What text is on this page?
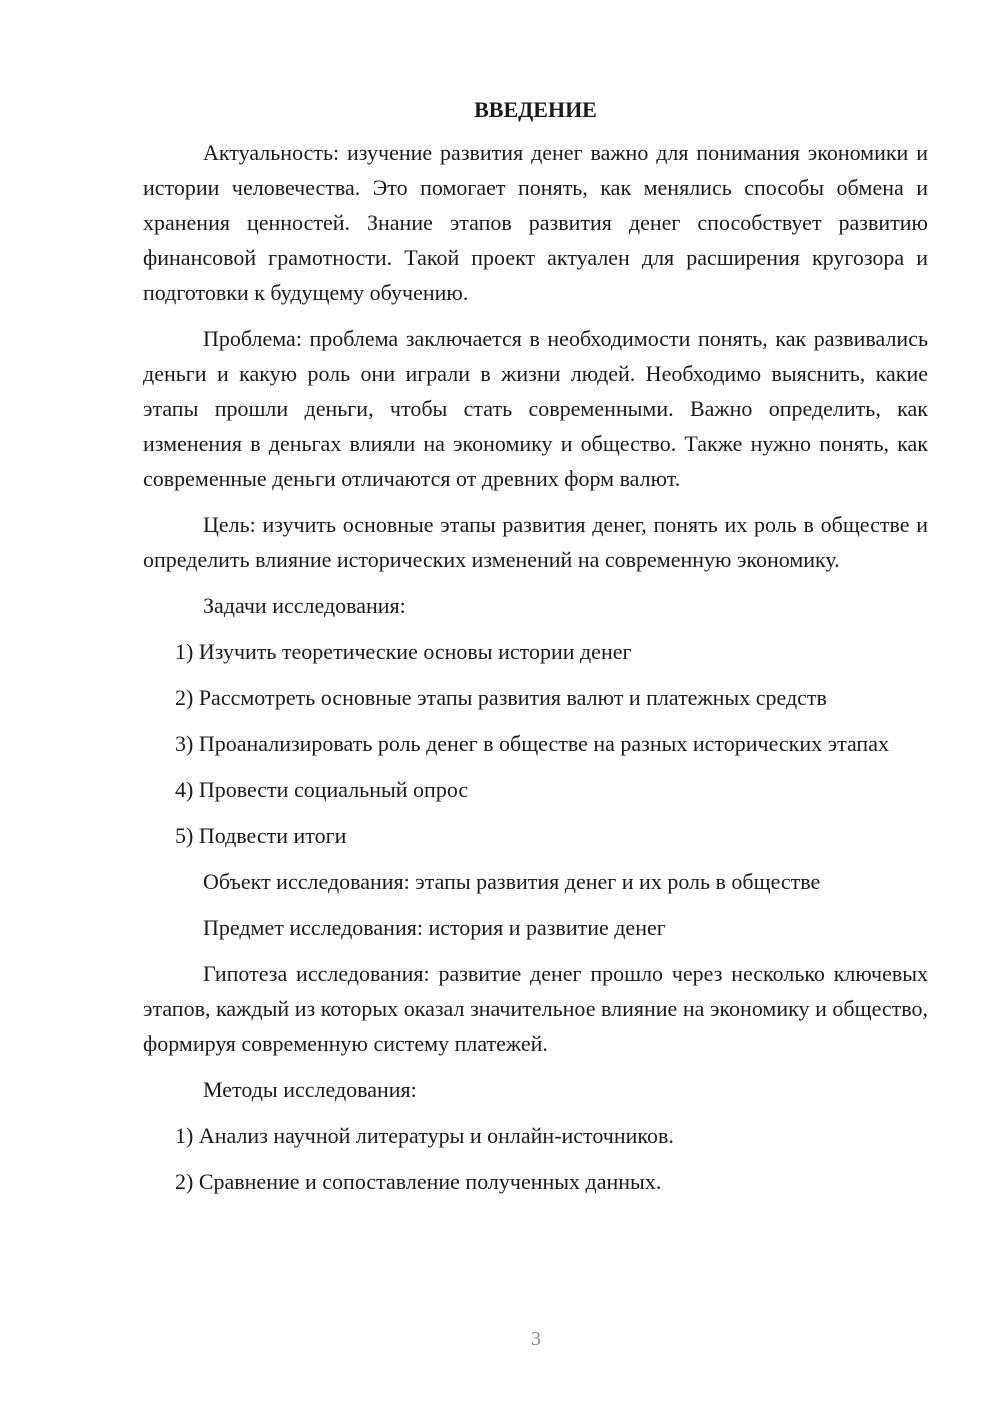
ВВЕДЕНИЕ

Актуальность: изучение развития денег важно для понимания экономики и истории человечества. Это помогает понять, как менялись способы обмена и хранения ценностей. Знание этапов развития денег способствует развитию финансовой грамотности. Такой проект актуален для расширения кругозора и подготовки к будущему обучению.

Проблема: проблема заключается в необходимости понять, как развивались деньги и какую роль они играли в жизни людей. Необходимо выяснить, какие этапы прошли деньги, чтобы стать современными. Важно определить, как изменения в деньгах влияли на экономику и общество. Также нужно понять, как современные деньги отличаются от древних форм валют.

Цель: изучить основные этапы развития денег, понять их роль в обществе и определить влияние исторических изменений на современную экономику.

Задачи исследования:

1) Изучить теоретические основы истории денег

2) Рассмотреть основные этапы развития валют и платежных средств

3) Проанализировать роль денег в обществе на разных исторических этапах

4) Провести социальный опрос

5) Подвести итоги

Объект исследования: этапы развития денег и их роль в обществе

Предмет исследования: история и развитие денег

Гипотеза исследования: развитие денег прошло через несколько ключевых этапов, каждый из которых оказал значительное влияние на экономику и общество, формируя современную систему платежей.

Методы исследования:

1) Анализ научной литературы и онлайн-источников.

2) Сравнение и сопоставление полученных данных.

3
